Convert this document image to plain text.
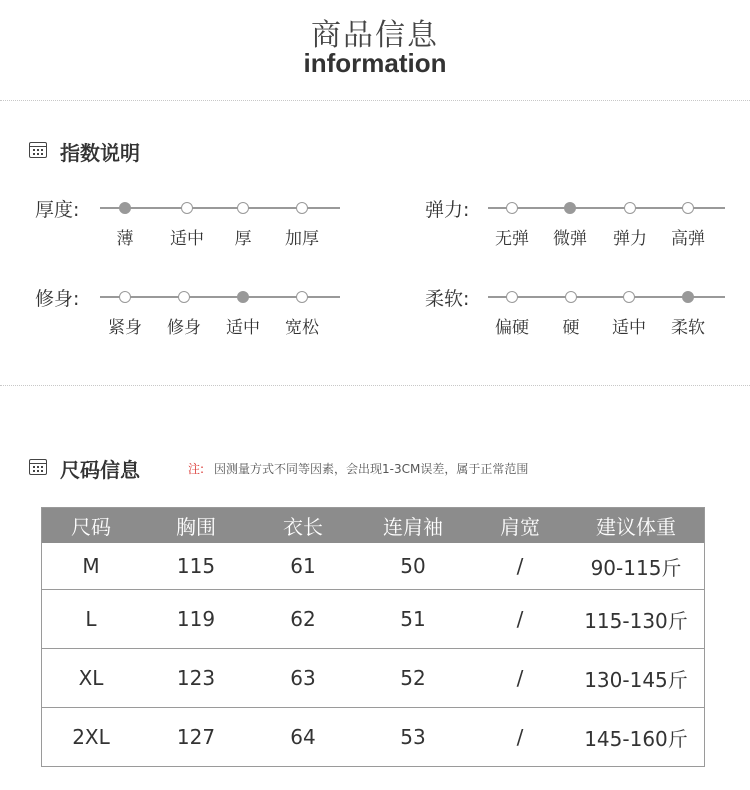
商品信息
information
指数说明
厚度:
薄	适中	厚	加厚
弹力:
无弹	微弹	弹力	高弹
修身:
紧身	修身	适中	宽松
柔软:
偏硬	硬	适中	柔软
尺码信息	注: 因测量方式不同等因素，会出现1-3CM误差，属于正常范围
尺码	胸围	衣长	连肩袖	肩宽	建议体重
M	115	61	50	/	90-115斤
L	119	62	51	/	115-130斤
XL	123	63	52	/	130-145斤
2XL	127	64	53	/	145-160斤
